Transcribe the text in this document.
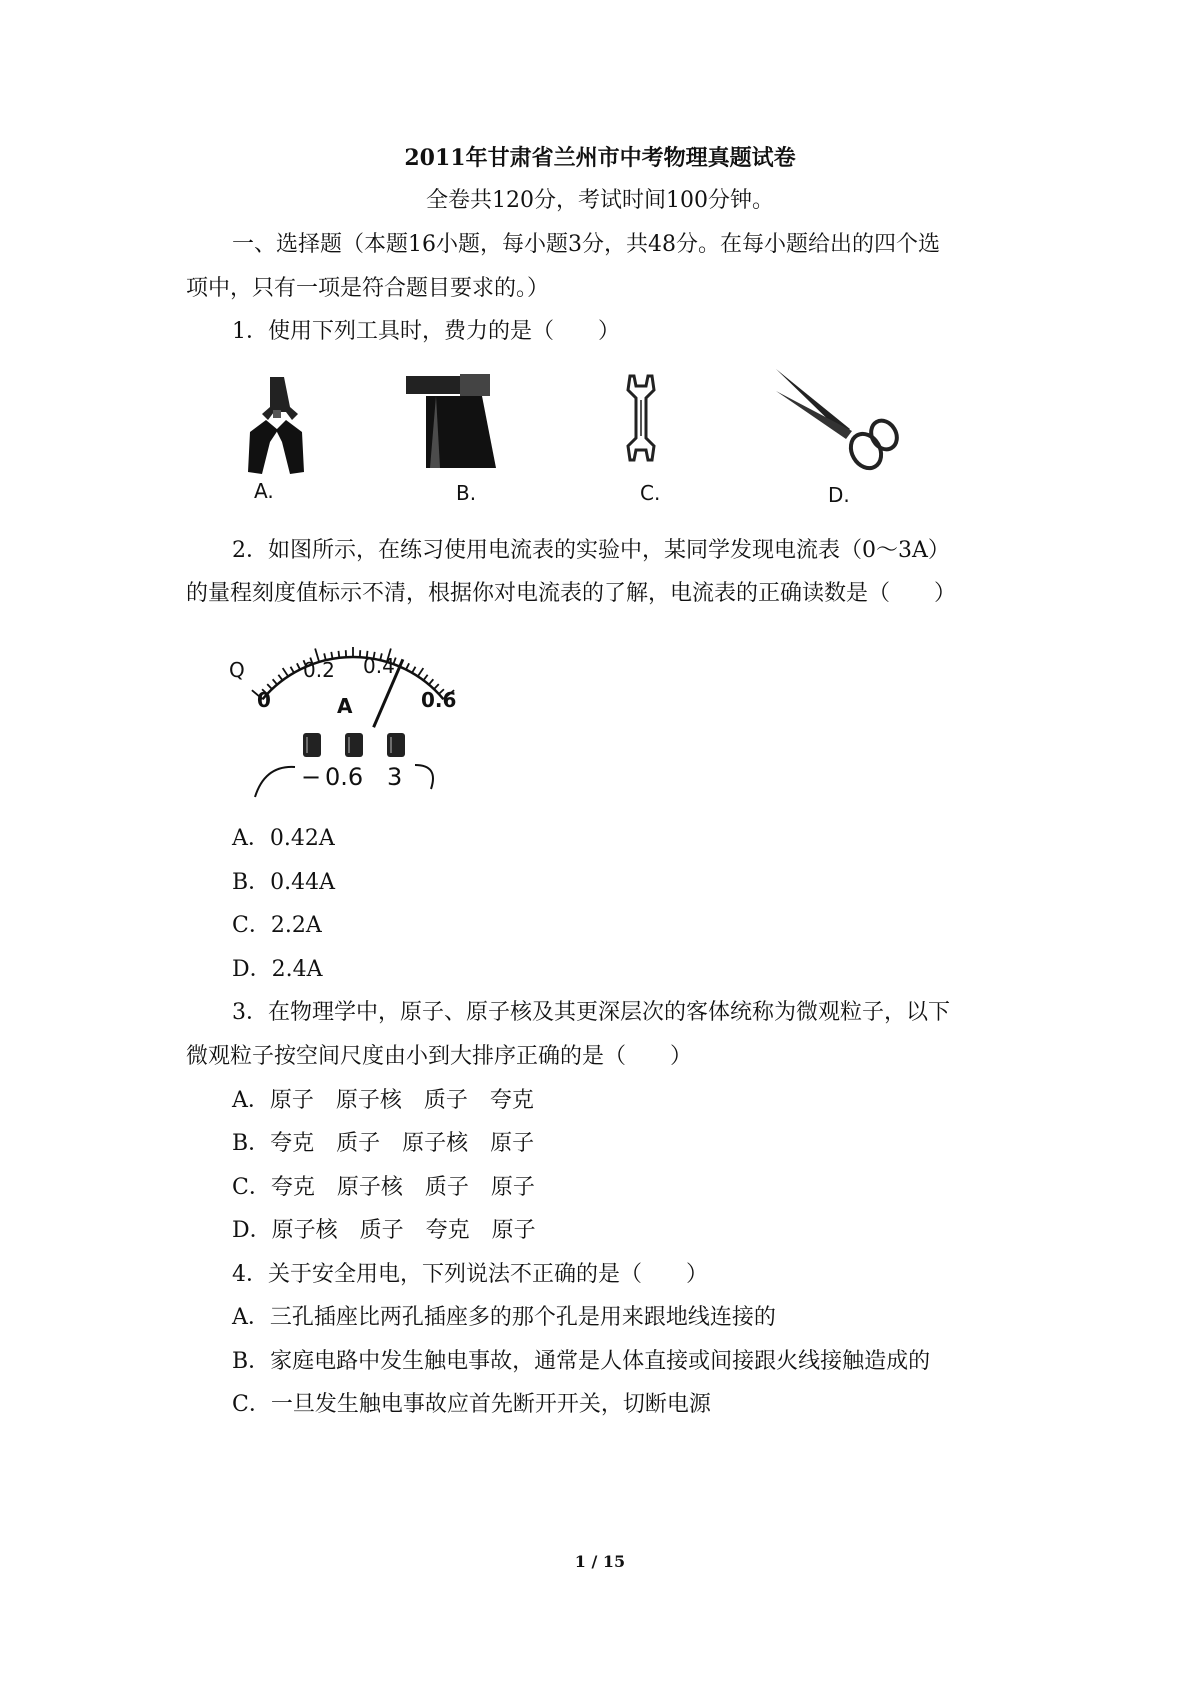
2011年甘肃省兰州市中考物理真题试卷
全卷共120分，考试时间100分钟。
一、选择题（本题16小题，每小题3分，共48分。在每小题给出的四个选
项中，只有一项是符合题目要求的。）
1．使用下列工具时，费力的是（　　）
A.	B.	C.	D.
2．如图所示，在练习使用电流表的实验中，某同学发现电流表（0～3A）
的量程刻度值标示不清，根据你对电流表的了解，电流表的正确读数是（　　）
Q
0
0.2 0.4
0.6
A
− 0.6 3
A．0.42A
B．0.44A
C．2.2A
D．2.4A
3．在物理学中，原子、原子核及其更深层次的客体统称为微观粒子，以下
微观粒子按空间尺度由小到大排序正确的是（　　）
A．原子　原子核　质子　夸克
B．夸克　质子　原子核　原子
C．夸克　原子核　质子　原子
D．原子核　质子　夸克　原子
4．关于安全用电，下列说法不正确的是（　　）
A．三孔插座比两孔插座多的那个孔是用来跟地线连接的
B．家庭电路中发生触电事故，通常是人体直接或间接跟火线接触造成的
C．一旦发生触电事故应首先断开开关，切断电源
1 / 15
